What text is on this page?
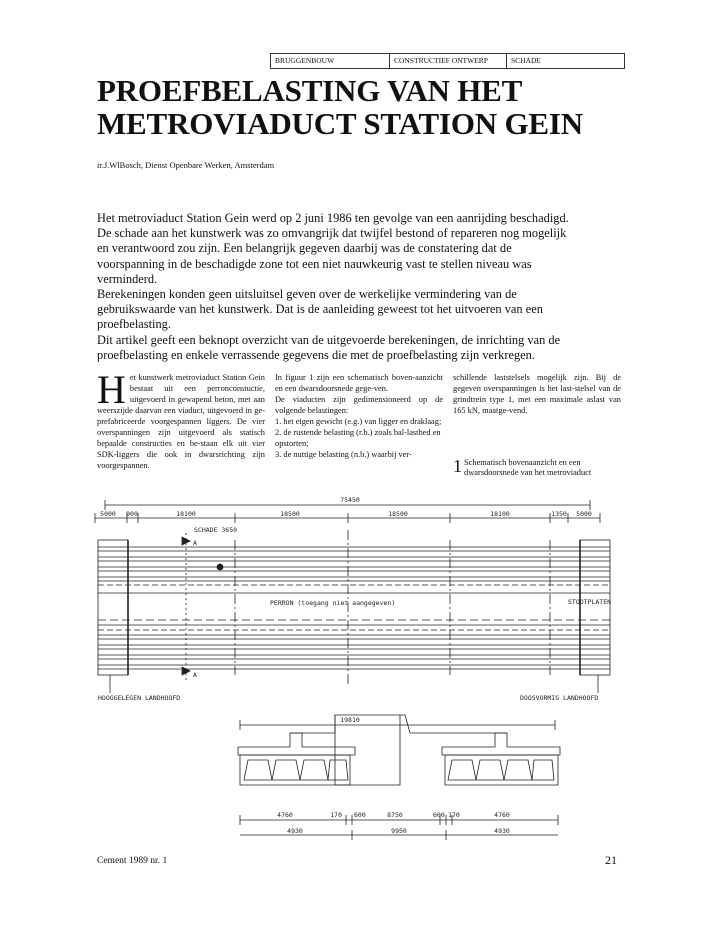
BRUGGENBOUW	CONSTRUCTIEF ONTWERP	SCHADE
PROEFBELASTING VAN HET METROVIADUCT STATION GEIN
ir.J.WlBosch, Dienst Openbare Werken, Amsterdam

Het metroviaduct Station Gein werd op 2 juni 1986 ten gevolge van een aanrijding beschadigd. De schade aan het kunstwerk was zo omvangrijk dat twijfel bestond of repareren nog mogelijk en verantwoord zou zijn. Een belangrijk gegeven daarbij was de constatering dat de voorspanning in de beschadigde zone tot een niet nauwkeurig vast te stellen niveau was verminderd.

Berekeningen konden geen uitsluitsel geven over de werkelijke vermindering van de gebruikswaarde van het kunstwerk. Dat is de aanleiding geweest tot het uitvoeren van een proefbelasting.

Dit artikel geeft een beknopt overzicht van de uitgevoerde berekeningen, de inrichting van de proefbelasting en enkele verrassende gegevens die met de proefbelasting zijn verkregen.

H et kunstwerk metroviaduct Station Gein bestaat uit een perronconstuctie, uitgevoerd in gewapend beton, met aan weerszijde daarvan een viaduct, uitgevoerd in ge-prefabriceerde voorgespannen liggers. De vier overspanningen zijn uitgevoerd als statisch bepaalde constructies en be-staan elk uit vier SDK-liggers die ook in dwarsrichting zijn voorgespannen.

In figuur 1 zijn een schematisch boven-aanzicht en een dwarsdoorsnede gege-ven.

De viaducten zijn gedimensioneerd op de volgende belastingen:

1. het eigen gewicht (e.g.) van ligger en draklaag;

2. de rustende belasting (r.b.) zoals bal-lastbed en opstorten;

3. de nuttige belasting (n.b.) waarbij ver-

schillende laststelsels mogelijk zijn. Bij de gegeven overspanningen is het last-stelsel van de grindtrein type 1, met een maximale aslast van 165 kN, maatge-vend.

1 Schematisch bovenaanzicht en een dwarsdoorsnede van het metroviaduct
75450
5000 900	18100	18500	18500	18100	1350 5000
SCHADE 3650
A
A
PERRON (toegang niet aangegeven)	STOOTPLATEN
HOOGGELEGEN LANDHOOFD	DOOSVORMIG LANDHOOFD
19810
4760	170 600	8750	600 170	4760
4930	9950	4930
Cement 1989 nr. 1	21
